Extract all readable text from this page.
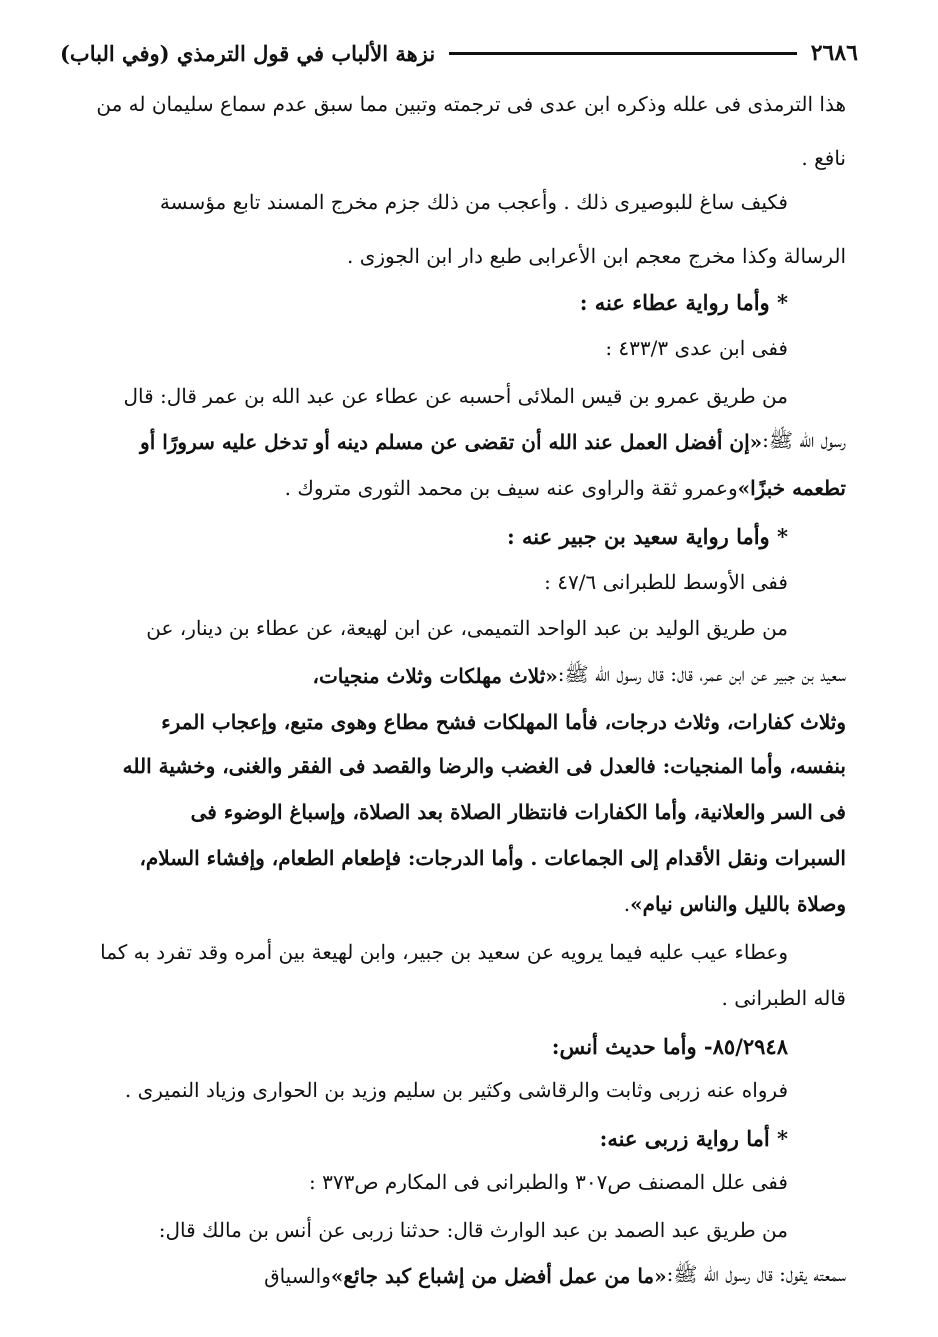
٢٦٨٦
نزهة الألباب في قول الترمذي (وفي الباب)
هذا الترمذى فى علله وذكره ابن عدى فى ترجمته وتبين مما سبق عدم سماع سليمان له من
نافع .
فكيف ساغ للبوصيرى ذلك . وأعجب من ذلك جزم مخرج المسند تابع مؤسسة
الرسالة وكذا مخرج معجم ابن الأعرابى طبع دار ابن الجوزى .
* وأما رواية عطاء عنه :
ففى ابن عدى ٤٣٣/٣ :
من طريق عمرو بن قيس الملائى أحسبه عن عطاء عن عبد الله بن عمر قال: قال
رسول الله ﷺ:
«إن أفضل العمل عند الله أن تقضى عن مسلم دينه أو تدخل عليه سرورًا أو
تطعمه خبزًا»
وعمرو ثقة والراوى عنه سيف بن محمد الثورى متروك .
* وأما رواية سعيد بن جبير عنه :
ففى الأوسط للطبرانى ٤٧/٦ :
من طريق الوليد بن عبد الواحد التميمى، عن ابن لهيعة، عن عطاء بن دينار، عن
سعيد بن جبير عن ابن عمر، قال: قال رسول الله ﷺ:
«ثلاث مهلكات وثلاث منجيات،
وثلاث كفارات، وثلاث درجات، فأما المهلكات فشح مطاع وهوى متبع، وإعجاب المرء
بنفسه، وأما المنجيات: فالعدل فى الغضب والرضا والقصد فى الفقر والغنى، وخشية الله
فى السر والعلانية، وأما الكفارات فانتظار الصلاة بعد الصلاة، وإسباغ الوضوء فى
السبرات ونقل الأقدام إلى الجماعات . وأما الدرجات: فإطعام الطعام، وإفشاء السلام،
وصلاة بالليل والناس نيام»
.
وعطاء عيب عليه فيما يرويه عن سعيد بن جبير، وابن لهيعة بين أمره وقد تفرد به كما
قاله الطبرانى .
٨٥/٢٩٤٨- وأما حديث أنس:
فرواه عنه زربى وثابت والرقاشى وكثير بن سليم وزيد بن الحوارى وزياد النميرى .
* أما رواية زربى عنه:
ففى علل المصنف ص٣٠٧ والطبرانى فى المكارم ص٣٧٣ :
من طريق عبد الصمد بن عبد الوارث قال: حدثنا زربى عن أنس بن مالك قال:
سمعته يقول: قال رسول الله ﷺ:
«ما من عمل أفضل من إشباع كبد جائع»
والسياق
